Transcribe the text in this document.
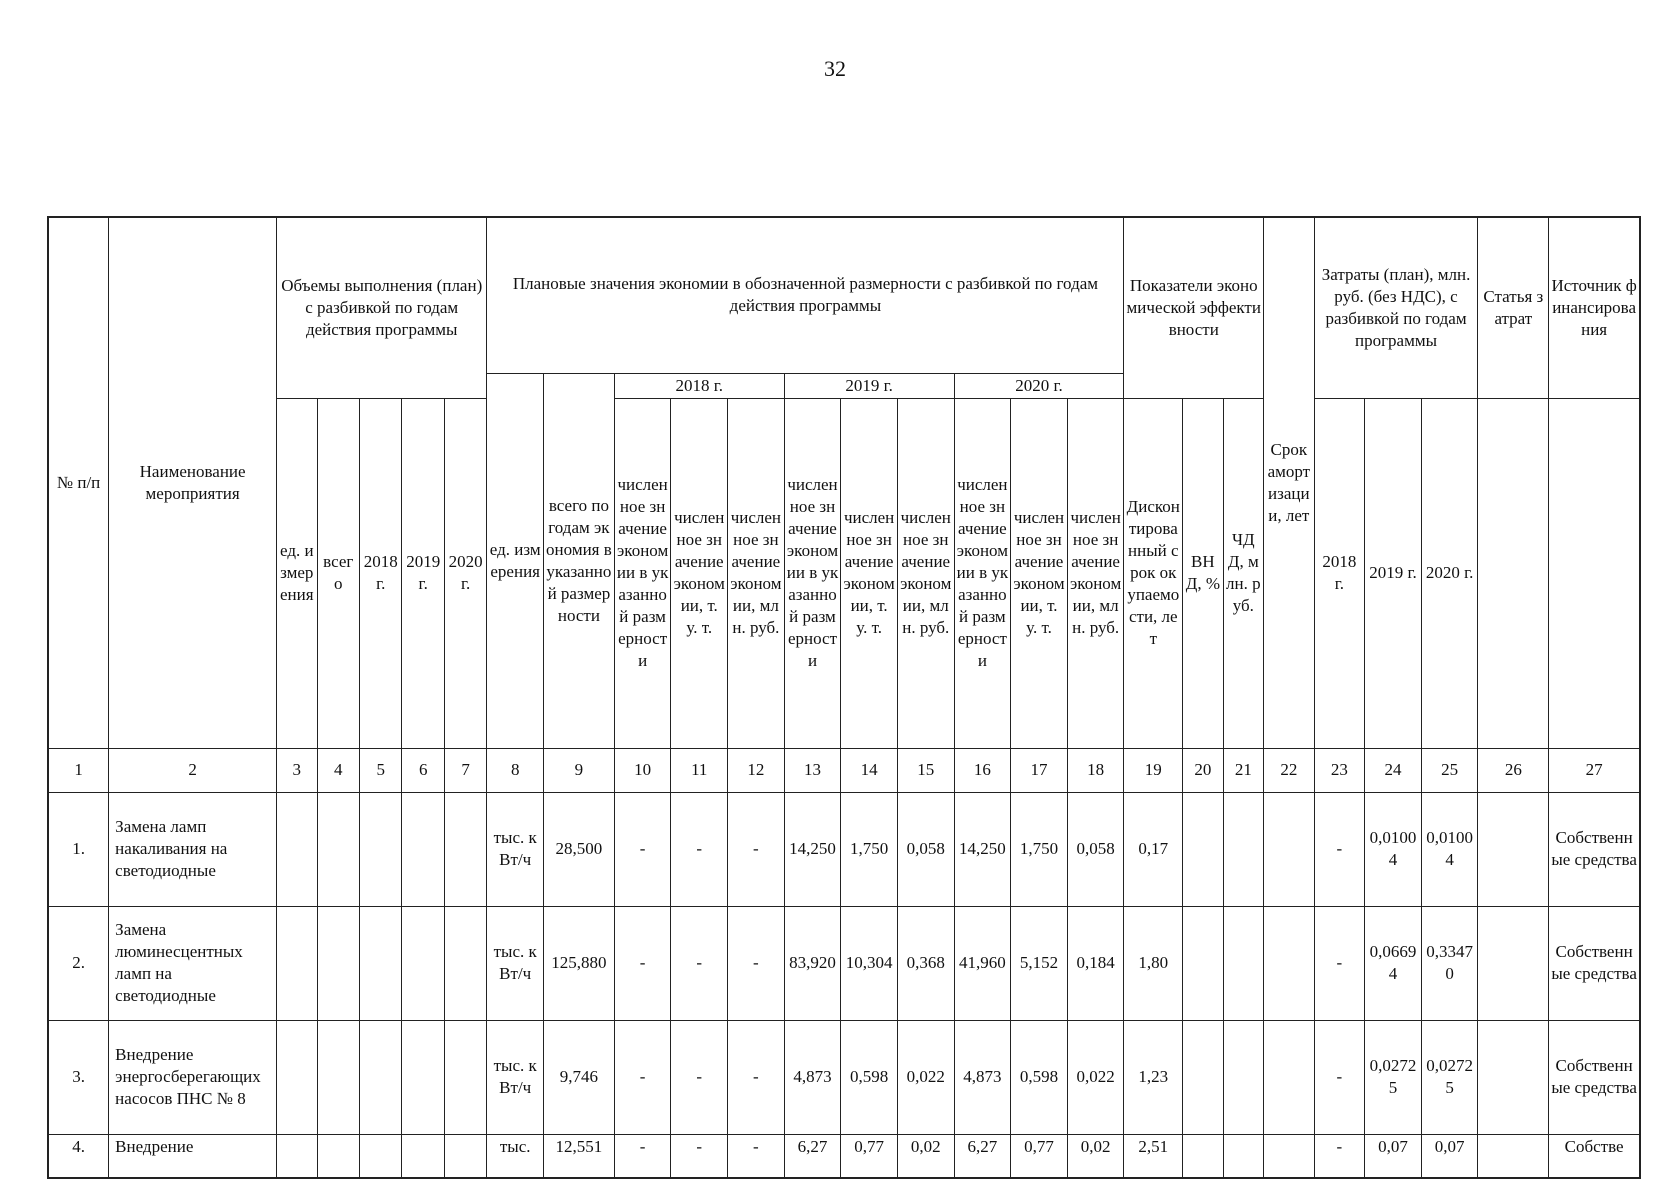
32
№ п/п	Наименование мероприятия	Объемы выполнения (план) с разбивкой по годам действия программы					Плановые значения экономии в обозначенной размерности с разбивкой по годам действия программы											Показатели экономической эффективности			Срок амортизации, лет	Затраты (план), млн. руб. (без НДС), с разбивкой по годам программы			Статья затрат	Источник финансирования
							ед. измерения	всего по годам экономия в указанной размерности	2018 г.			2019 г.			2020 г.											
		ед. измерения	всего	2018 г.	2019 г.	2020 г.			численное значение экономии в указанной размерности	численное значение экономии, т. у. т.	численное значение экономии, млн. руб.	численное значение экономии в указанной размерности	численное значение экономии, т. у. т.	численное значение экономии, млн. руб.	численное значение экономии в указанной размерности	численное значение экономии, т. у. т.	численное значение экономии, млн. руб.	Дисконтированный срок окупаемости, лет	ВНД, %	ЧДД, млн. руб.		2018 г.	2019 г.	2020 г.		
1	2	3	4	5	6	7	8	9	10	11	12	13	14	15	16	17	18	19	20	21	22	23	24	25	26	27
1.	Замена ламп накаливания на светодиодные						тыс. кВт/ч	28,500	-	-	-	14,250	1,750	0,058	14,250	1,750	0,058	0,17				-	0,01004	0,01004		Собственные средства
2.	Замена люминесцентных ламп на светодиодные						тыс. кВт/ч	125,880	-	-	-	83,920	10,304	0,368	41,960	5,152	0,184	1,80				-	0,06694	0,33470		Собственные средства
3.	Внедрение энергосберегающих насосов ПНС № 8						тыс. кВт/ч	9,746	-	-	-	4,873	0,598	0,022	4,873	0,598	0,022	1,23				-	0,02725	0,02725		Собственные средства
4.	Внедрение						тыс.	12,551	-	-	-	6,27	0,77	0,02	6,27	0,77	0,02	2,51				-	0,07	0,07		Собстве
